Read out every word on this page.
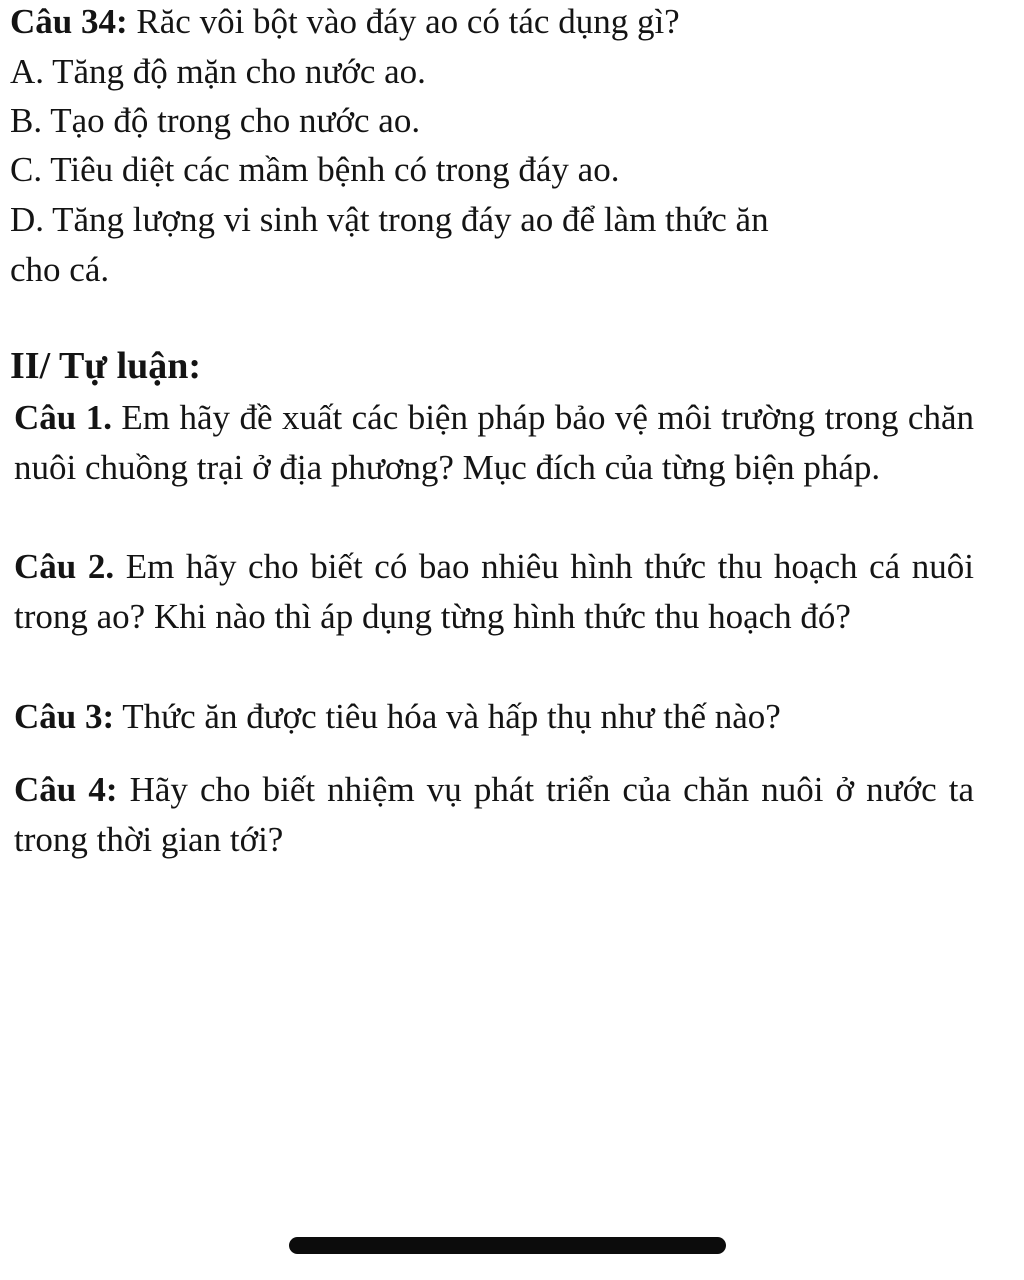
Câu 34: Răc vôi bột vào đáy ao có tác dụng gì?
A. Tăng độ mặn cho nước ao.
B. Tạo độ trong cho nước ao.
C. Tiêu diệt các mầm bệnh có trong đáy ao.
D. Tăng lượng vi sinh vật trong đáy ao để làm thức ăn
cho cá.
II/ Tự luận:
Câu 1. Em hãy đề xuất các biện pháp bảo vệ môi trường trong chăn nuôi chuồng trại ở địa phương? Mục đích của từng biện pháp.
Câu 2. Em hãy cho biết có bao nhiêu hình thức thu hoạch cá nuôi trong ao? Khi nào thì áp dụng từng hình thức thu hoạch đó?
Câu 3: Thức ăn được tiêu hóa và hấp thụ như thế nào?
Câu 4: Hãy cho biết nhiệm vụ phát triển của chăn nuôi ở nước ta trong thời gian tới?
